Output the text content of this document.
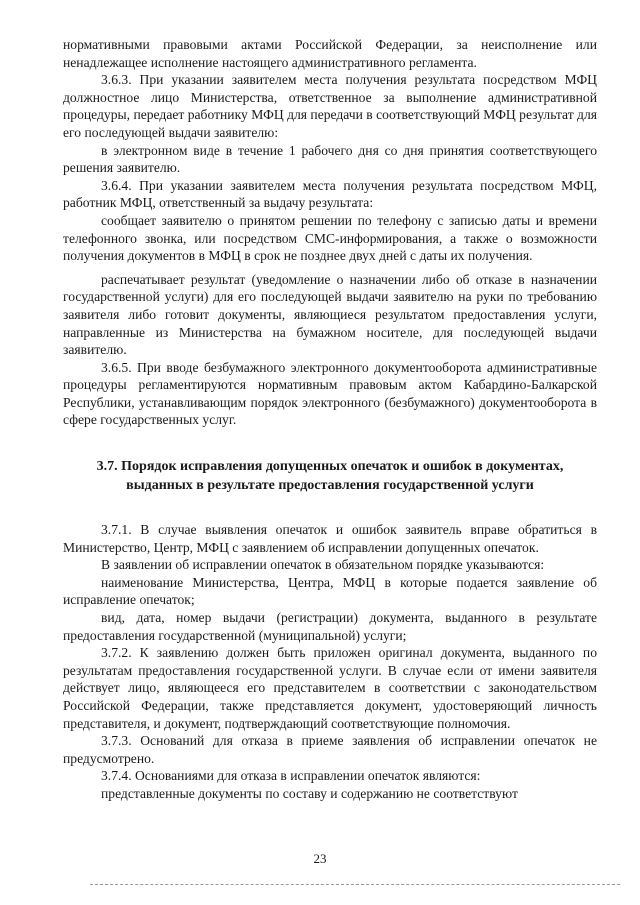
нормативными правовыми актами Российской Федерации, за неисполнение или ненадлежащее исполнение настоящего административного регламента.

3.6.3. При указании заявителем места получения результата посредством МФЦ должностное лицо Министерства, ответственное за выполнение административной процедуры, передает работнику МФЦ для передачи в соответствующий МФЦ результат для его последующей выдачи заявителю:

в электронном виде в течение 1 рабочего дня со дня принятия соответствующего решения заявителю.

3.6.4. При указании заявителем места получения результата посредством МФЦ, работник МФЦ, ответственный за выдачу результата:

сообщает заявителю о принятом решении по телефону с записью даты и времени телефонного звонка, или посредством СМС-информирования, а также о возможности получения документов в МФЦ в срок не позднее двух дней с даты их получения.

распечатывает результат (уведомление о назначении либо об отказе в назначении государственной услуги) для его последующей выдачи заявителю на руки по требованию заявителя либо готовит документы, являющиеся результатом предоставления услуги, направленные из Министерства на бумажном носителе, для последующей выдачи заявителю.

3.6.5. При вводе безбумажного электронного документооборота административные процедуры регламентируются нормативным правовым актом Кабардино-Балкарской Республики, устанавливающим порядок электронного (безбумажного) документооборота в сфере государственных услуг.

3.7. Порядок исправления допущенных опечаток и ошибок в документах, выданных в результате предоставления государственной услуги

3.7.1. В случае выявления опечаток и ошибок заявитель вправе обратиться в Министерство, Центр, МФЦ с заявлением об исправлении допущенных опечаток.

В заявлении об исправлении опечаток в обязательном порядке указываются:

наименование Министерства, Центра, МФЦ в которые подается заявление об исправление опечаток;

вид, дата, номер выдачи (регистрации) документа, выданного в результате предоставления государственной (муниципальной) услуги;

3.7.2. К заявлению должен быть приложен оригинал документа, выданного по результатам предоставления государственной услуги. В случае если от имени заявителя действует лицо, являющееся его представителем в соответствии с законодательством Российской Федерации, также представляется документ, удостоверяющий личность представителя, и документ, подтверждающий соответствующие полномочия.

3.7.3. Оснований для отказа в приеме заявления об исправлении опечаток не предусмотрено.

3.7.4. Основаниями для отказа в исправлении опечаток являются:

представленные документы по составу и содержанию не соответствуют

23
